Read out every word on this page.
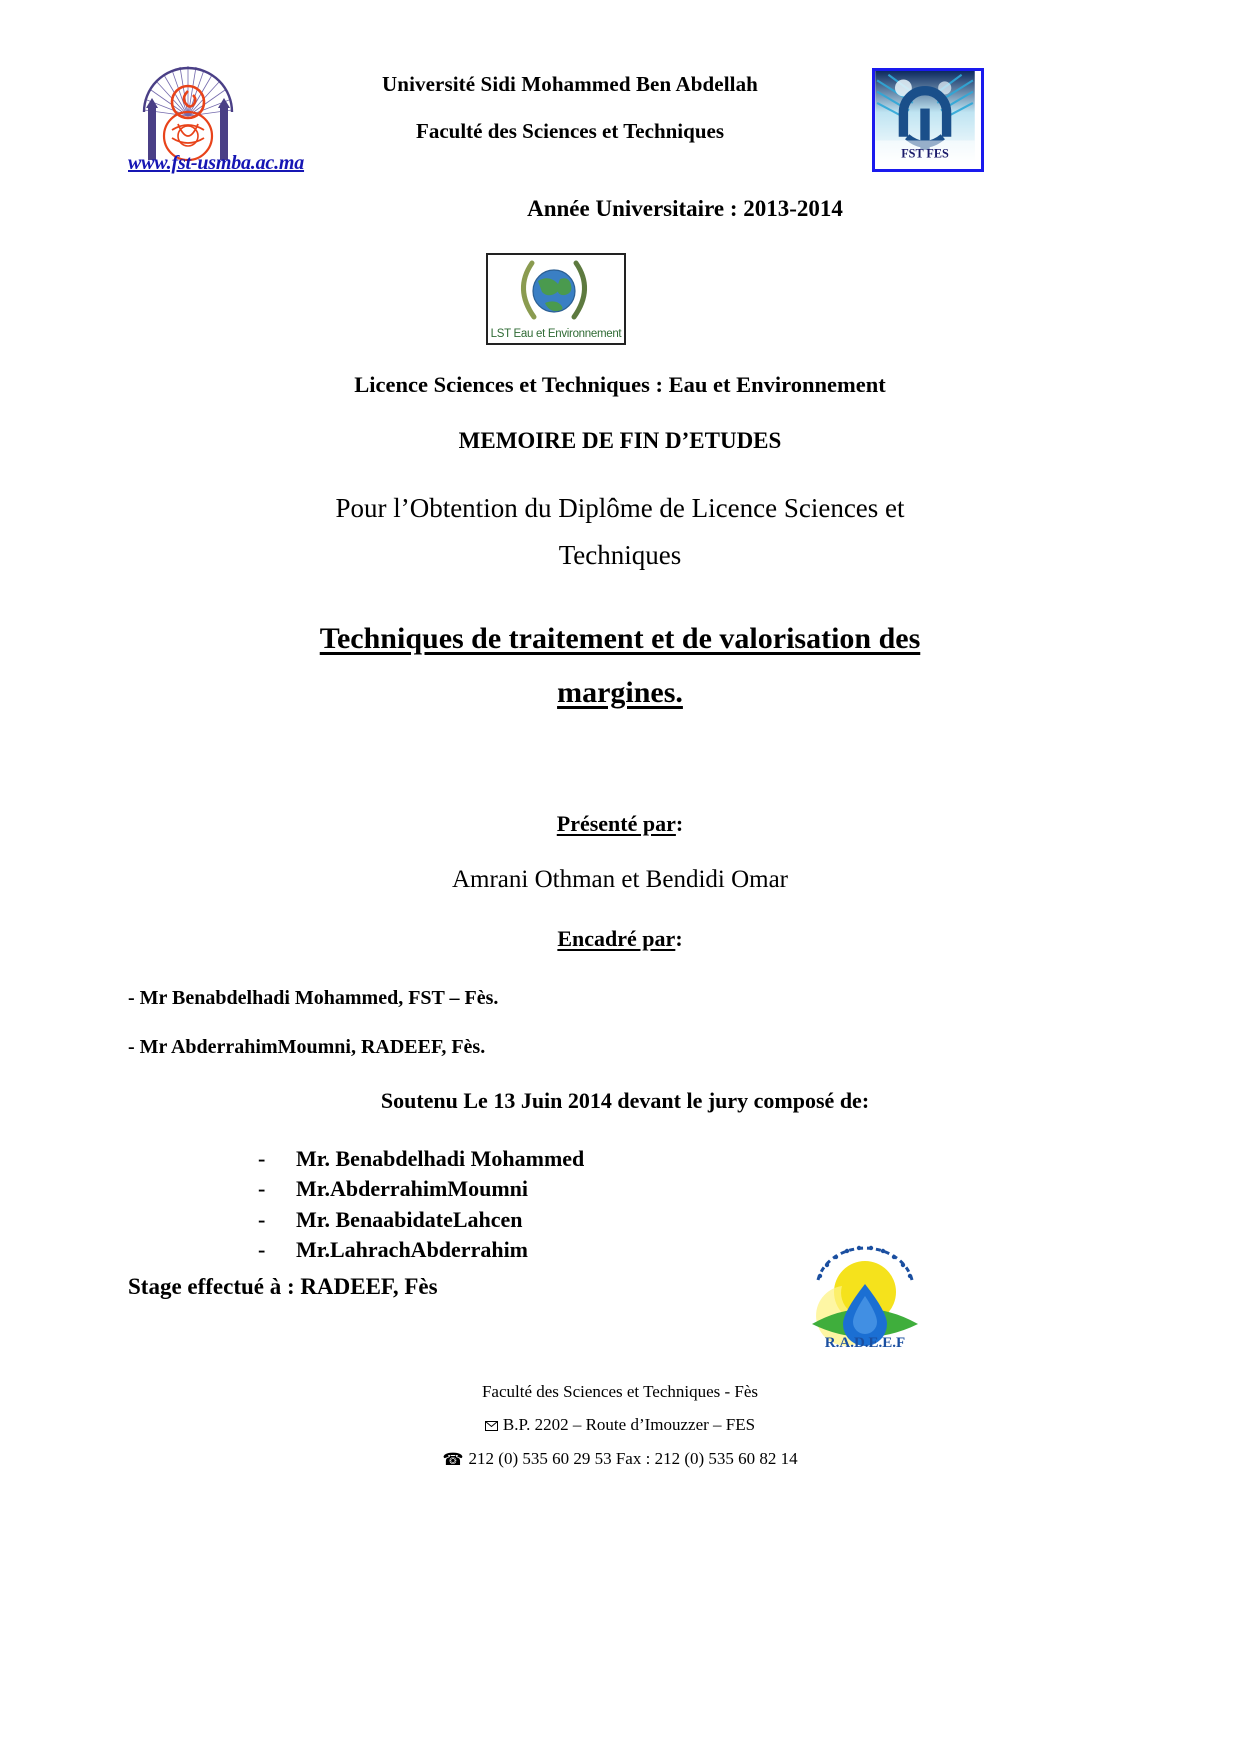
www.fst-usmba.ac.ma
Université Sidi Mohammed Ben Abdellah
Faculté des Sciences et Techniques
FST FES
Année Universitaire : 2013-2014
LST Eau et Environnement
Licence Sciences et Techniques : Eau et Environnement
MEMOIRE DE FIN D’ETUDES
Pour l’Obtention du Diplôme de Licence Sciences et
Techniques
Techniques de traitement et de valorisation des
margines.
Présenté par:
Amrani Othman et Bendidi Omar
Encadré par:
- Mr Benabdelhadi Mohammed, FST – Fès.
- Mr AbderrahimMoumni, RADEEF, Fès.
Soutenu Le 13 Juin 2014 devant le jury composé de:
- Mr. Benabdelhadi Mohammed
- Mr.AbderrahimMoumni
- Mr. BenaabidateLahcen
- Mr.LahrachAbderrahim
Stage effectué à : RADEEF, Fès
R.A.D.E.E.F
Faculté des Sciences et Techniques - Fès
B.P. 2202 – Route d’Imouzzer – FES
☎ 212 (0) 535 60 29 53 Fax : 212 (0) 535 60 82 14
